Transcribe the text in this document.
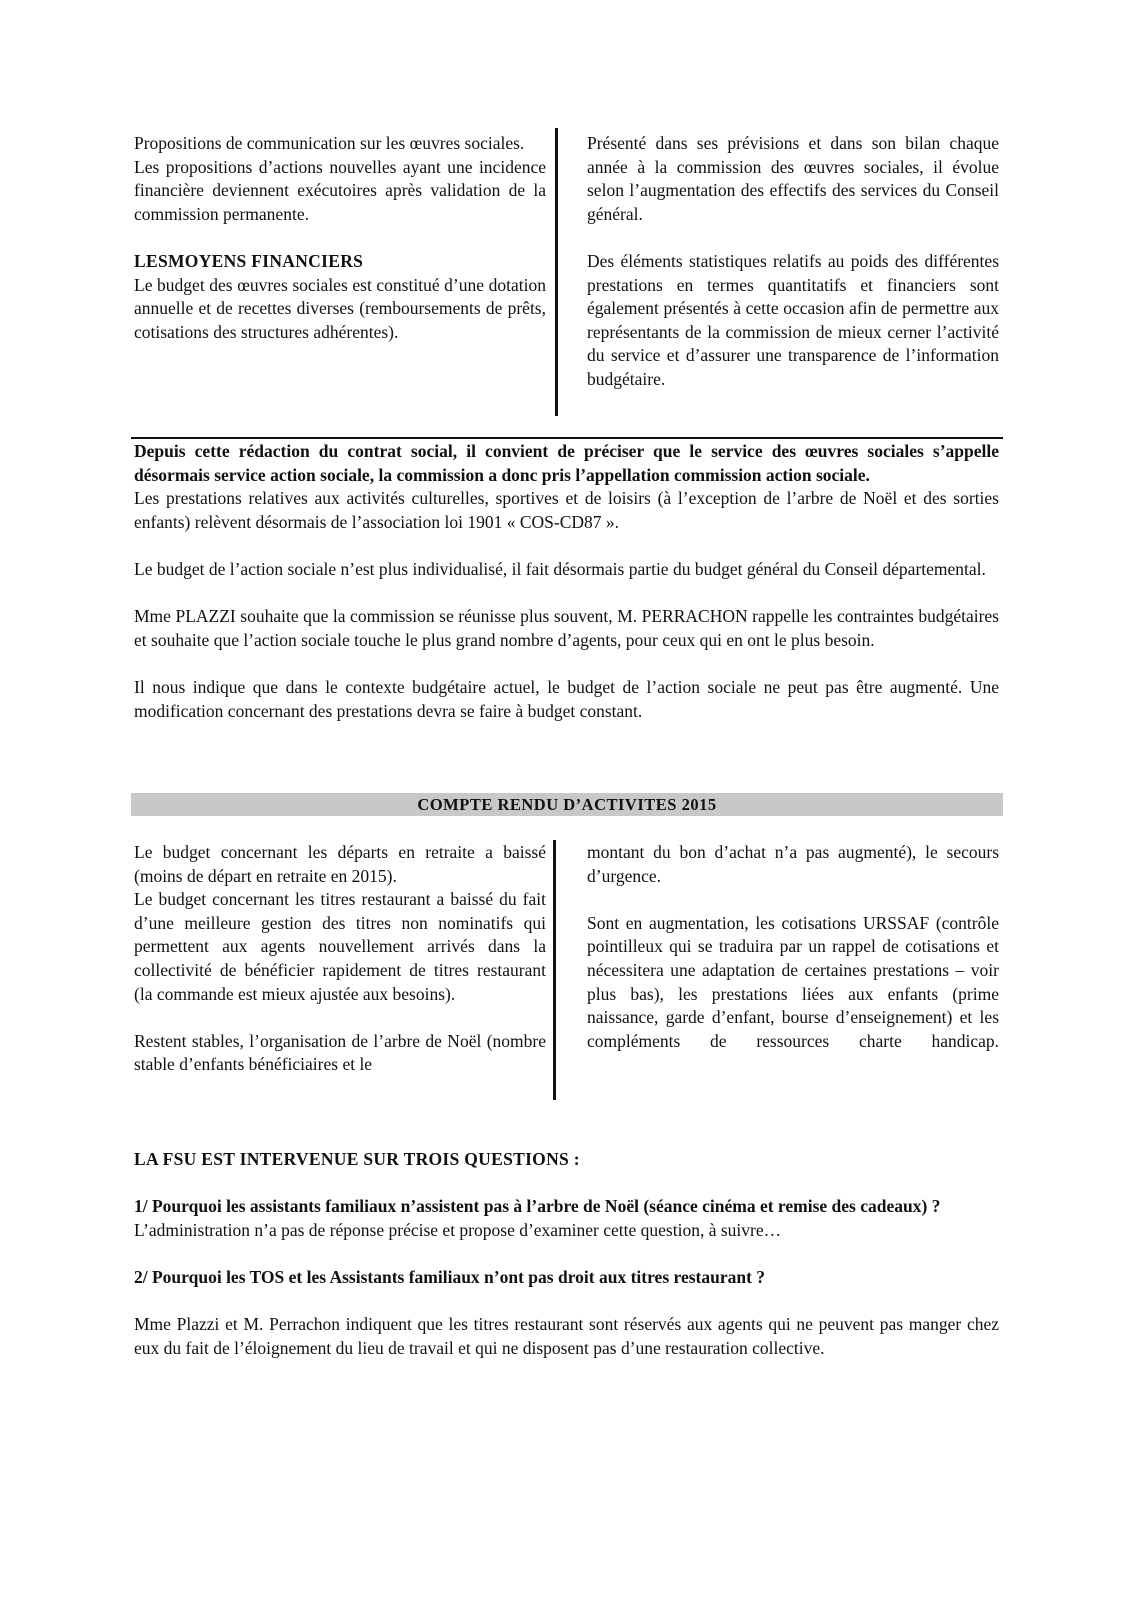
Propositions de communication sur les œuvres sociales.

Les propositions d’actions nouvelles ayant une incidence financière deviennent exécutoires après validation de la commission permanente.

LESMOYENS FINANCIERS

Le budget des œuvres sociales est constitué d’une dotation annuelle et de recettes diverses (remboursements de prêts, cotisations des structures adhérentes).

Présenté dans ses prévisions et dans son bilan chaque année à la commission des œuvres sociales, il évolue selon l’augmentation des effectifs des services du Conseil général.

Des éléments statistiques relatifs au poids des différentes prestations en termes quantitatifs et financiers sont également présentés à cette occasion afin de permettre aux représentants de la commission de mieux cerner l’activité du service et d’assurer une transparence de l’information budgétaire.

Depuis cette rédaction du contrat social, il convient de préciser que le service des œuvres sociales s’appelle désormais service action sociale, la commission a donc pris l’appellation commission action sociale.

Les prestations relatives aux activités culturelles, sportives et de loisirs (à l’exception de l’arbre de Noël et des sorties enfants) relèvent désormais de l’association loi 1901 « COS-CD87 ».

Le budget de l’action sociale n’est plus individualisé, il fait désormais partie du budget général du Conseil départemental.

Mme PLAZZI souhaite que la commission se réunisse plus souvent, M. PERRACHON rappelle les contraintes budgétaires et souhaite que l’action sociale touche le plus grand nombre d’agents, pour ceux qui en ont le plus besoin.

Il nous indique que dans le contexte budgétaire actuel, le budget de l’action sociale ne peut pas être augmenté. Une modification concernant des prestations devra se faire à budget constant.

COMPTE RENDU D’ACTIVITES 2015

Le budget concernant les départs en retraite a baissé (moins de départ en retraite en 2015).

Le budget concernant les titres restaurant a baissé du fait d’une meilleure gestion des titres non nominatifs qui permettent aux agents nouvellement arrivés dans la collectivité de bénéficier rapidement de titres restaurant (la commande est mieux ajustée aux besoins).

Restent stables, l’organisation de l’arbre de Noël (nombre stable d’enfants bénéficiaires et le

montant du bon d’achat n’a pas augmenté), le secours d’urgence.

Sont en augmentation, les cotisations URSSAF (contrôle pointilleux qui se traduira par un rappel de cotisations et nécessitera une adaptation de certaines prestations – voir plus bas), les prestations liées aux enfants (prime naissance, garde d’enfant, bourse d’enseignement) et les compléments de ressources charte handicap.

LA FSU EST INTERVENUE SUR TROIS QUESTIONS :

1/ Pourquoi les assistants familiaux n’assistent pas à l’arbre de Noël (séance cinéma et remise des cadeaux) ?

L’administration n’a pas de réponse précise et propose d’examiner cette question, à suivre…

2/ Pourquoi les TOS et les Assistants familiaux n’ont pas droit aux titres restaurant ?

Mme Plazzi et M. Perrachon indiquent que les titres restaurant sont réservés aux agents qui ne peuvent pas manger chez eux du fait de l’éloignement du lieu de travail et qui ne disposent pas d’une restauration collective.
